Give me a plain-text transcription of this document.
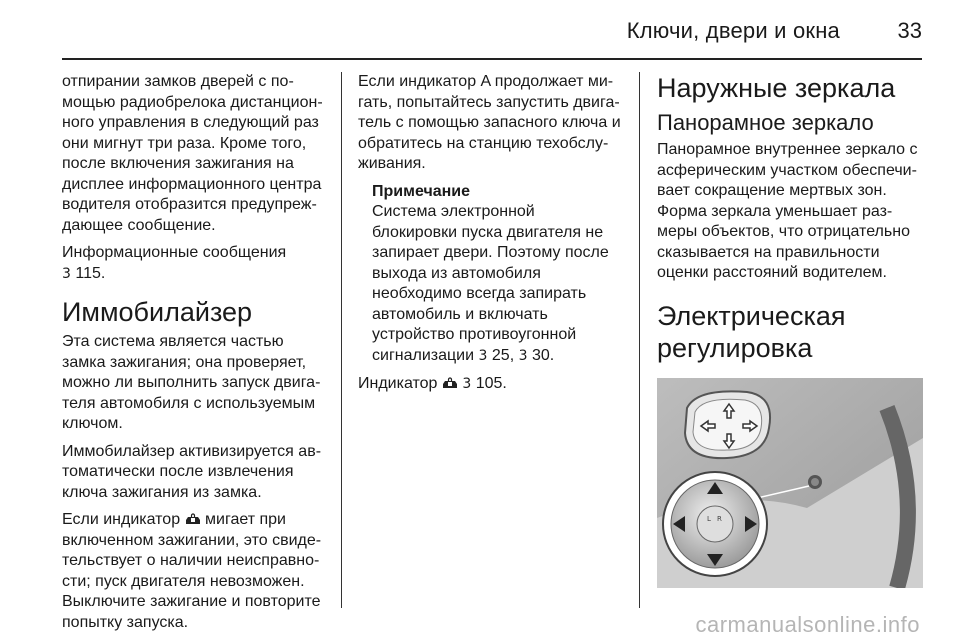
Ключи, двери и окна	33

отпирании замков дверей с помощью радиобрелока дистанционного управления в следующий раз они мигнут три раза. Кроме того, после включения зажигания на дисплее информационного центра водителя отобразится предупреждающее сообщение.

Информационные сообщения
3 115.

Иммобилайзер

Эта система является частью замка зажигания; она проверяет, можно ли выполнить запуск двигателя автомобиля с используемым ключом.

Иммобилайзер активизируется автоматически после извлечения ключа зажигания из замка.

Если индикатор мигает при включенном зажигании, это свидетельствует о наличии неисправности; пуск двигателя невозможен. Выключите зажигание и повторите попытку запуска.

Если индикатор A продолжает мигать, попытайтесь запустить двигатель с помощью запасного ключа и обратитесь на станцию техобслуживания.

Примечание
Система электронной блокировки пуска двигателя не запирает двери. Поэтому после выхода из автомобиля необходимо всегда запирать автомобиль и включать устройство противоугонной сигнализации 3 25, 3 30.

Индикатор 3 105.

Наружные зеркала
Панорамное зеркало

Панорамное внутреннее зеркало с асферическим участком обеспечивает сокращение мертвых зон. Форма зеркала уменьшает размеры объектов, что отрицательно сказывается на правильности оценки расстояний водителем.

Электрическая регулировка
L R
carmanualsonline.info
